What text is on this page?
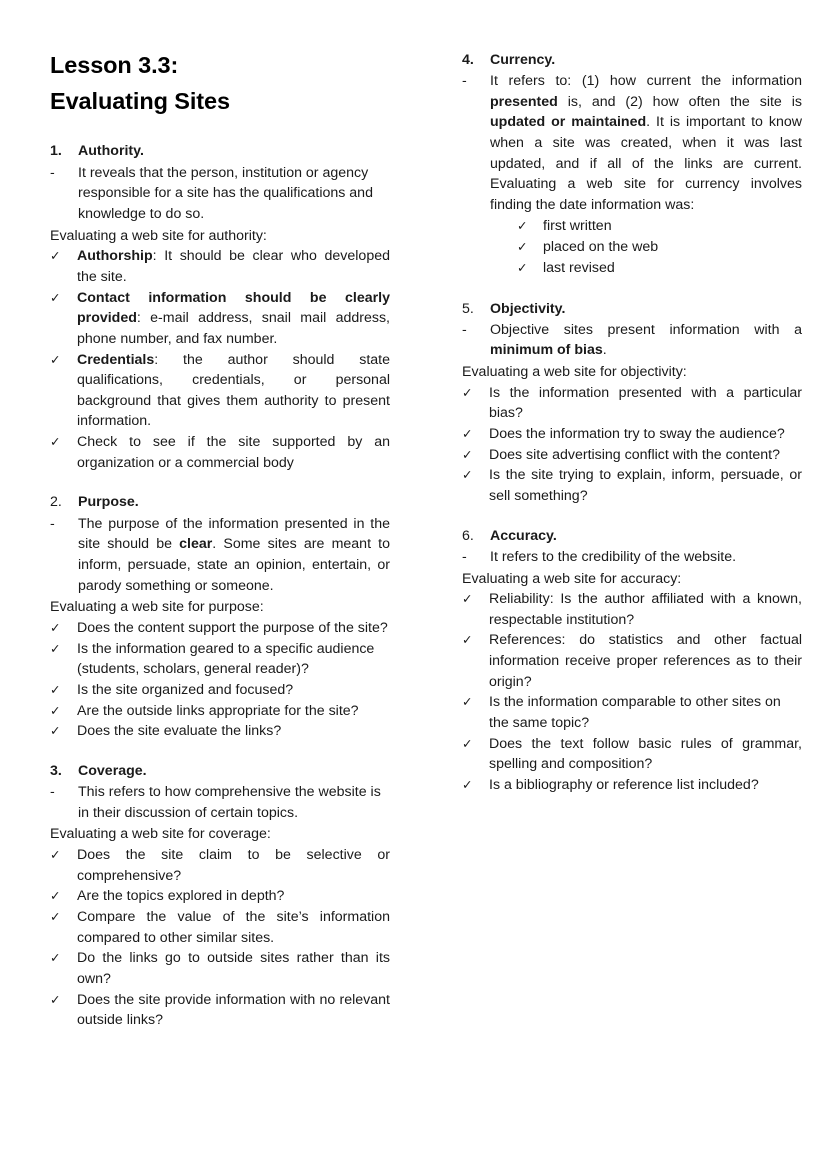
Lesson 3.3:
Evaluating Sites
1.	Authority.
-	It reveals that the person, institution or agency responsible for a site has the qualifications and knowledge to do so.
Evaluating a web site for authority:
✓	Authorship: It should be clear who developed the site.
✓	Contact information should be clearly provided: e-mail address, snail mail address, phone number, and fax number.
✓	Credentials: the author should state qualifications, credentials, or personal background that gives them authority to present information.
✓	Check to see if the site supported by an organization or a commercial body
2.	Purpose.
-	The purpose of the information presented in the site should be clear. Some sites are meant to inform, persuade, state an opinion, entertain, or parody something or someone.
Evaluating a web site for purpose:
✓	Does the content support the purpose of the site?
✓	Is the information geared to a specific audience (students, scholars, general reader)?
✓	Is the site organized and focused?
✓	Are the outside links appropriate for the site?
✓	Does the site evaluate the links?
3.	Coverage.
-	This refers to how comprehensive the website is in their discussion of certain topics.
Evaluating a web site for coverage:
✓	Does the site claim to be selective or comprehensive?
✓	Are the topics explored in depth?
✓	Compare the value of the site’s information compared to other similar sites.
✓	Do the links go to outside sites rather than its own?
✓	Does the site provide information with no relevant outside links?
4.	Currency.
-	It refers to: (1) how current the information presented is, and (2) how often the site is updated or maintained. It is important to know when a site was created, when it was last updated, and if all of the links are current. Evaluating a web site for currency involves finding the date information was:
✓	first written
✓	placed on the web
✓	last revised
5.	Objectivity.
-	Objective sites present information with a minimum of bias.
Evaluating a web site for objectivity:
✓	Is the information presented with a particular bias?
✓	Does the information try to sway the audience?
✓	Does site advertising conflict with the content?
✓	Is the site trying to explain, inform, persuade, or sell something?
6.	Accuracy.
-	It refers to the credibility of the website.
Evaluating a web site for accuracy:
✓	Reliability: Is the author affiliated with a known, respectable institution?
✓	References: do statistics and other factual information receive proper references as to their origin?
✓	Is the information comparable to other sites on the same topic?
✓	Does the text follow basic rules of grammar, spelling and composition?
✓	Is a bibliography or reference list included?
